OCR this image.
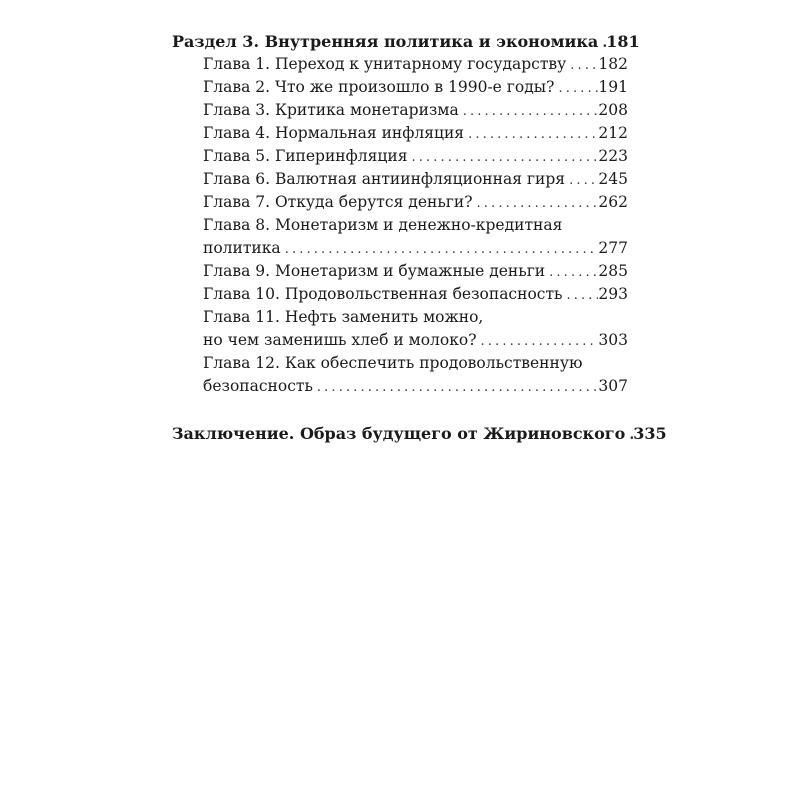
Раздел 3. Внутренняя политика и экономика . . . 181
Глава 1. Переход к унитарному государству . . . 182
Глава 2. Что же произошло в 1990-е годы? . . .	191
Глава 3. Критика монетаризма . . .	208
Глава 4. Нормальная инфляция . . .	212
Глава 5. Гиперинфляция . . .	223
Глава 6. Валютная антиинфляционная гиря . . . 245
Глава 7. Откуда берутся деньги? . . .	262
Глава 8. Монетаризм и денежно-кредитная
политика . . .	277
Глава 9. Монетаризм и бумажные деньги . . .	285
Глава 10. Продовольственная безопасность . . . 293
Глава 11. Нефть заменить можно,
но чем заменишь хлеб и молоко? . . .	303
Глава 12. Как обеспечить продовольственную
безопасность . . .	307
Заключение. Образ будущего от Жириновского . . . 335
